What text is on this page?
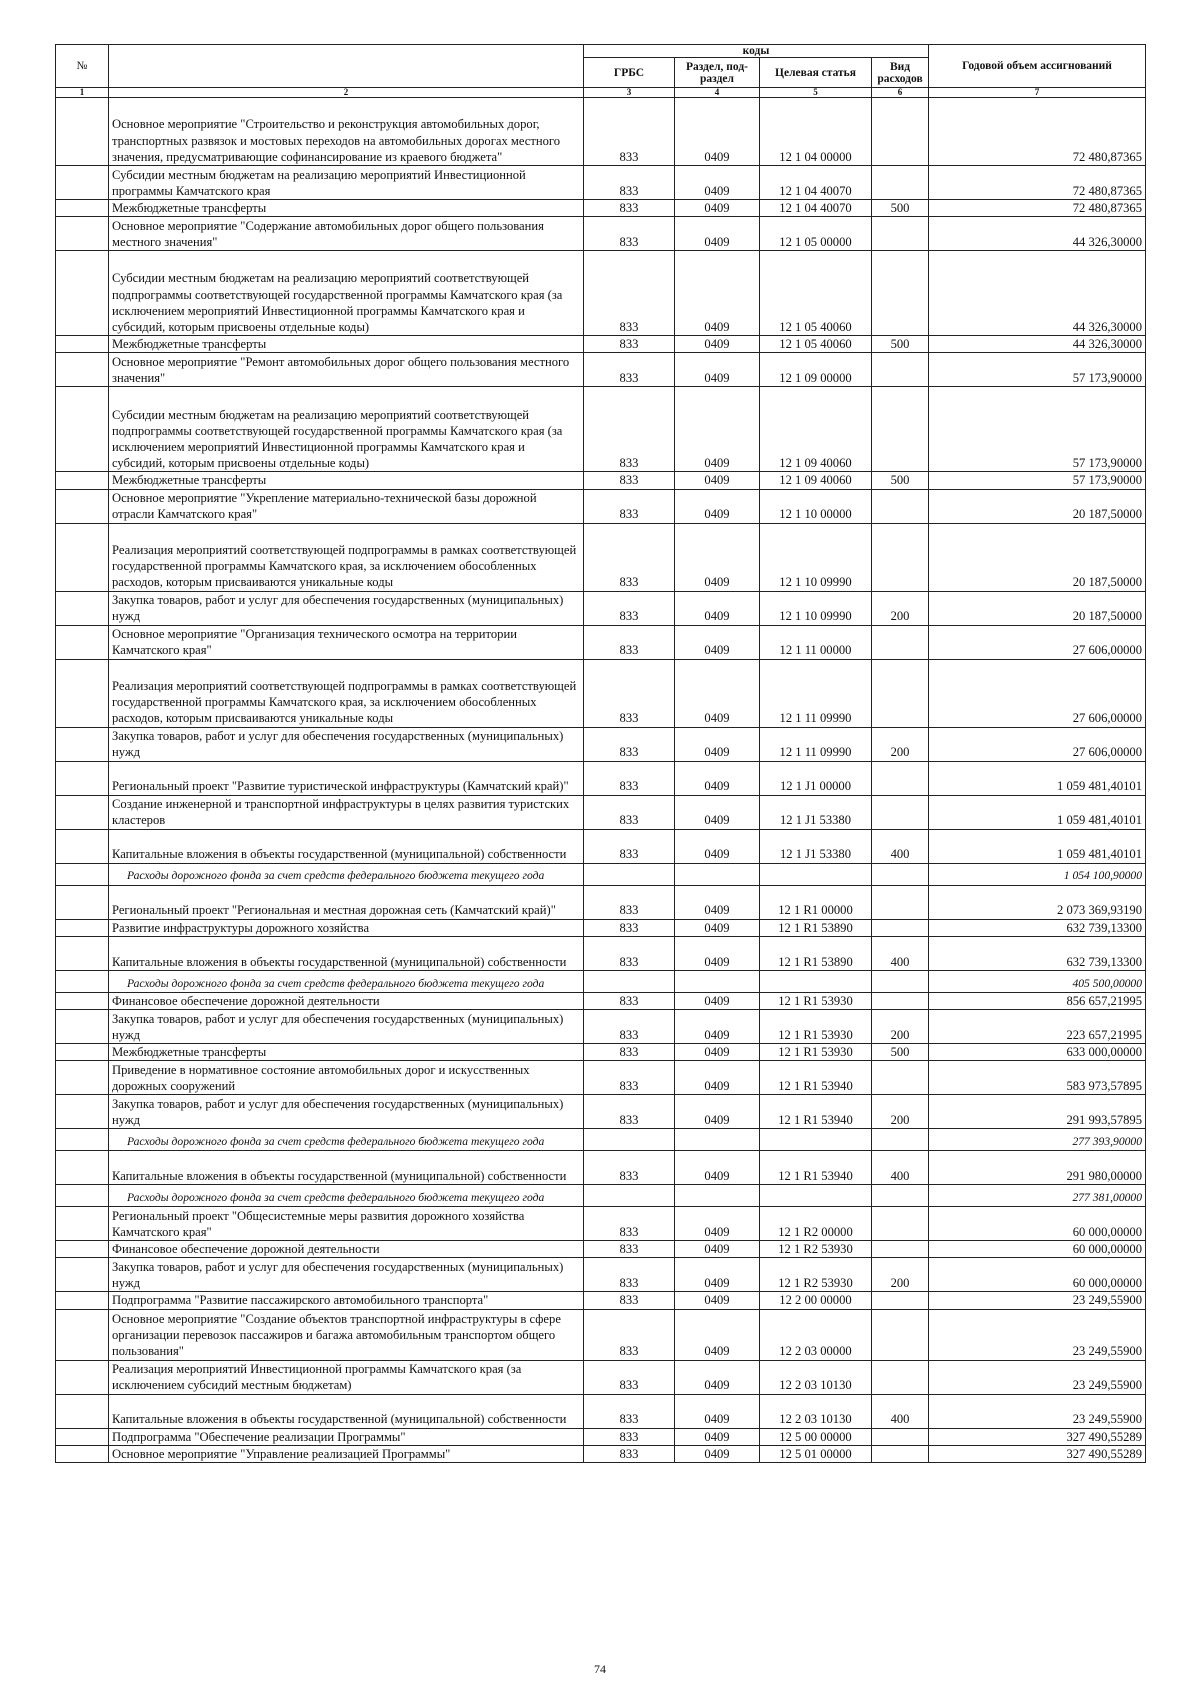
№		коды				Годовой объем ассигнований
		ГРБС	Раздел, под-раздел	Целевая статья	Вид расходов	
1	2	3	4	5	6	7
	Основное мероприятие "Строительство и реконструкция автомобильных дорог, транспортных развязок и мостовых переходов на автомобильных дорогах местного значения, предусматривающие софинансирование из краевого бюджета"	833	0409	12 1 04 00000		72 480,87365
	Субсидии местным бюджетам на реализацию мероприятий Инвестиционной программы Камчатского края	833	0409	12 1 04 40070		72 480,87365
	Межбюджетные трансферты	833	0409	12 1 04 40070	500	72 480,87365
	Основное мероприятие "Содержание автомобильных дорог общего пользования местного значения"	833	0409	12 1 05 00000		44 326,30000
	Субсидии местным бюджетам на реализацию мероприятий соответствующей подпрограммы соответствующей государственной программы Камчатского края (за исключением мероприятий Инвестиционной программы Камчатского края и субсидий, которым присвоены отдельные коды)	833	0409	12 1 05 40060		44 326,30000
	Межбюджетные трансферты	833	0409	12 1 05 40060	500	44 326,30000
	Основное мероприятие "Ремонт автомобильных дорог общего пользования местного значения"	833	0409	12 1 09 00000		57 173,90000
	Субсидии местным бюджетам на реализацию мероприятий соответствующей подпрограммы соответствующей государственной программы Камчатского края (за исключением мероприятий Инвестиционной программы Камчатского края и субсидий, которым присвоены отдельные коды)	833	0409	12 1 09 40060		57 173,90000
	Межбюджетные трансферты	833	0409	12 1 09 40060	500	57 173,90000
	Основное мероприятие "Укрепление материально-технической базы дорожной отрасли Камчатского края"	833	0409	12 1 10 00000		20 187,50000
	Реализация мероприятий соответствующей подпрограммы в рамках соответствующей государственной программы Камчатского края, за исключением обособленных расходов, которым присваиваются уникальные коды	833	0409	12 1 10 09990		20 187,50000
	Закупка товаров, работ и услуг для обеспечения государственных (муниципальных) нужд	833	0409	12 1 10 09990	200	20 187,50000
	Основное мероприятие "Организация технического осмотра на территории Камчатского края"	833	0409	12 1 11 00000		27 606,00000
	Реализация мероприятий соответствующей подпрограммы в рамках соответствующей государственной программы Камчатского края, за исключением обособленных расходов, которым присваиваются уникальные коды	833	0409	12 1 11 09990		27 606,00000
	Закупка товаров, работ и услуг для обеспечения государственных (муниципальных) нужд	833	0409	12 1 11 09990	200	27 606,00000
	Региональный проект "Развитие туристической инфраструктуры (Камчатский край)"	833	0409	12 1 J1 00000		1 059 481,40101
	Создание инженерной и транспортной инфраструктуры в целях развития туристских кластеров	833	0409	12 1 J1 53380		1 059 481,40101
	Капитальные вложения в объекты государственной (муниципальной) собственности	833	0409	12 1 J1 53380	400	1 059 481,40101
	Расходы дорожного фонда за счет средств федерального бюджета текущего года					1 054 100,90000
	Региональный проект "Региональная и местная дорожная сеть (Камчатский край)"	833	0409	12 1 R1 00000		2 073 369,93190
	Развитие инфраструктуры дорожного хозяйства	833	0409	12 1 R1 53890		632 739,13300
	Капитальные вложения в объекты государственной (муниципальной) собственности	833	0409	12 1 R1 53890	400	632 739,13300
	Расходы дорожного фонда за счет средств федерального бюджета текущего года					405 500,00000
	Финансовое обеспечение дорожной деятельности	833	0409	12 1 R1 53930		856 657,21995
	Закупка товаров, работ и услуг для обеспечения государственных (муниципальных) нужд	833	0409	12 1 R1 53930	200	223 657,21995
	Межбюджетные трансферты	833	0409	12 1 R1 53930	500	633 000,00000
	Приведение в нормативное состояние автомобильных дорог и искусственных дорожных сооружений	833	0409	12 1 R1 53940		583 973,57895
	Закупка товаров, работ и услуг для обеспечения государственных (муниципальных) нужд	833	0409	12 1 R1 53940	200	291 993,57895
	Расходы дорожного фонда за счет средств федерального бюджета текущего года					277 393,90000
	Капитальные вложения в объекты государственной (муниципальной) собственности	833	0409	12 1 R1 53940	400	291 980,00000
	Расходы дорожного фонда за счет средств федерального бюджета текущего года					277 381,00000
	Региональный проект "Общесистемные меры развития дорожного хозяйства Камчатского края"	833	0409	12 1 R2 00000		60 000,00000
	Финансовое обеспечение дорожной деятельности	833	0409	12 1 R2 53930		60 000,00000
	Закупка товаров, работ и услуг для обеспечения государственных (муниципальных) нужд	833	0409	12 1 R2 53930	200	60 000,00000
	Подпрограмма "Развитие пассажирского автомобильного транспорта"	833	0409	12 2 00 00000		23 249,55900
	Основное мероприятие "Создание объектов транспортной инфраструктуры в сфере организации перевозок пассажиров и багажа автомобильным транспортом общего пользования"	833	0409	12 2 03 00000		23 249,55900
	Реализация мероприятий Инвестиционной программы Камчатского края (за исключением субсидий местным бюджетам)	833	0409	12 2 03 10130		23 249,55900
	Капитальные вложения в объекты государственной (муниципальной) собственности	833	0409	12 2 03 10130	400	23 249,55900
	Подпрограмма "Обеспечение реализации Программы"	833	0409	12 5 00 00000		327 490,55289
	Основное мероприятие "Управление реализацией Программы"	833	0409	12 5 01 00000		327 490,55289
74
